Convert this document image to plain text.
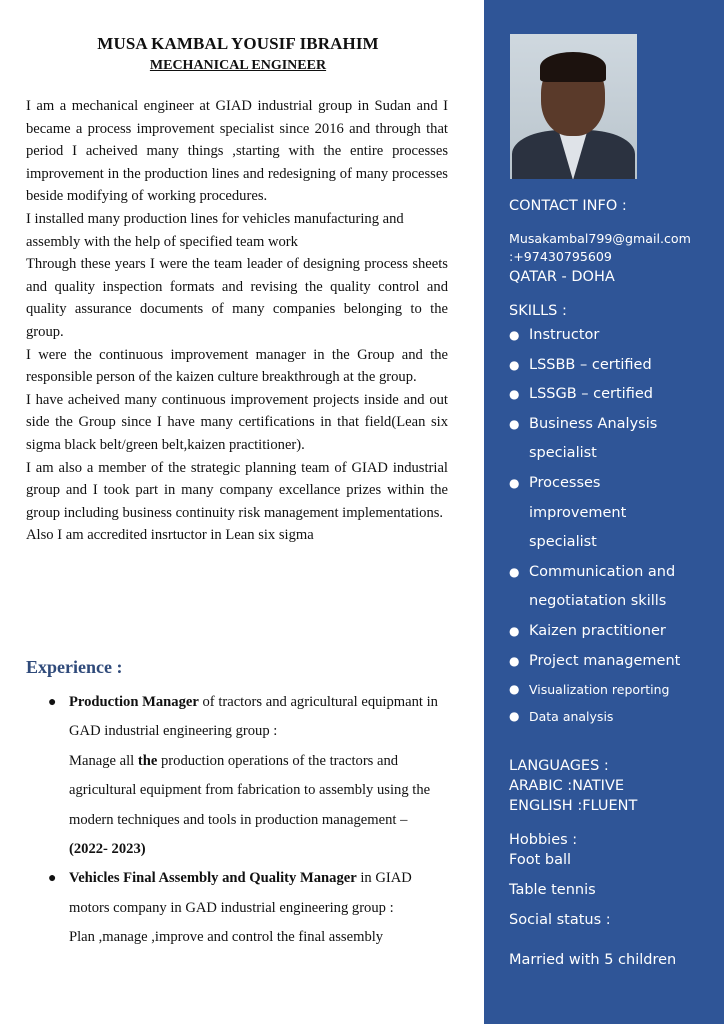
MUSA KAMBAL YOUSIF IBRAHIM
MECHANICAL ENGINEER

I am a mechanical engineer at GIAD industrial group in Sudan and I became a process improvement specialist since 2016 and through that period I acheived many things ,starting with the entire processes improvement in the production lines and redesigning of many processes beside modifying of working procedures.

I installed many production lines for vehicles manufacturing and assembly with the help of specified team work

Through these years I were the team leader of designing process sheets and quality inspection formats and revising the quality control and quality assurance documents of many companies belonging to the group.

I were the continuous improvement manager in the Group and the responsible person of the kaizen culture breakthrough at the group.

I have acheived many continuous improvement projects inside and out side the Group since I have many certifications in that field(Lean six sigma black belt/green belt,kaizen practitioner).

I am also a member of the strategic planning team of GIAD industrial group and I took part in many company excellance prizes within the group including business continuity risk management implementations.

Also I am accredited insrtuctor in Lean six sigma

Experience :
● Production Manager of tractors and agricultural equipmant in GAD industrial engineering group :
Manage all the production operations of the tractors and agricultural equipment from fabrication to assembly using the modern techniques and tools in production management – (2022- 2023)
● Vehicles Final Assembly and Quality Manager in GIAD motors company in GAD industrial engineering group :
Plan ,manage ,improve and control the final assembly
CONTACT INFO :
Musakambal799@gmail.com
:+97430795609
QATAR - DOHA
SKILLS :
● Instructor
● LSSBB – certified
● LSSGB – certified
● Business Analysis specialist
● Processes improvement specialist
● Communication and negotiatation skills
● Kaizen practitioner
● Project management
● Visualization reporting
● Data analysis
LANGUAGES :
ARABIC :NATIVE
ENGLISH :FLUENT
Hobbies :
Foot ball
Table tennis
Social status :
Married with 5 children
